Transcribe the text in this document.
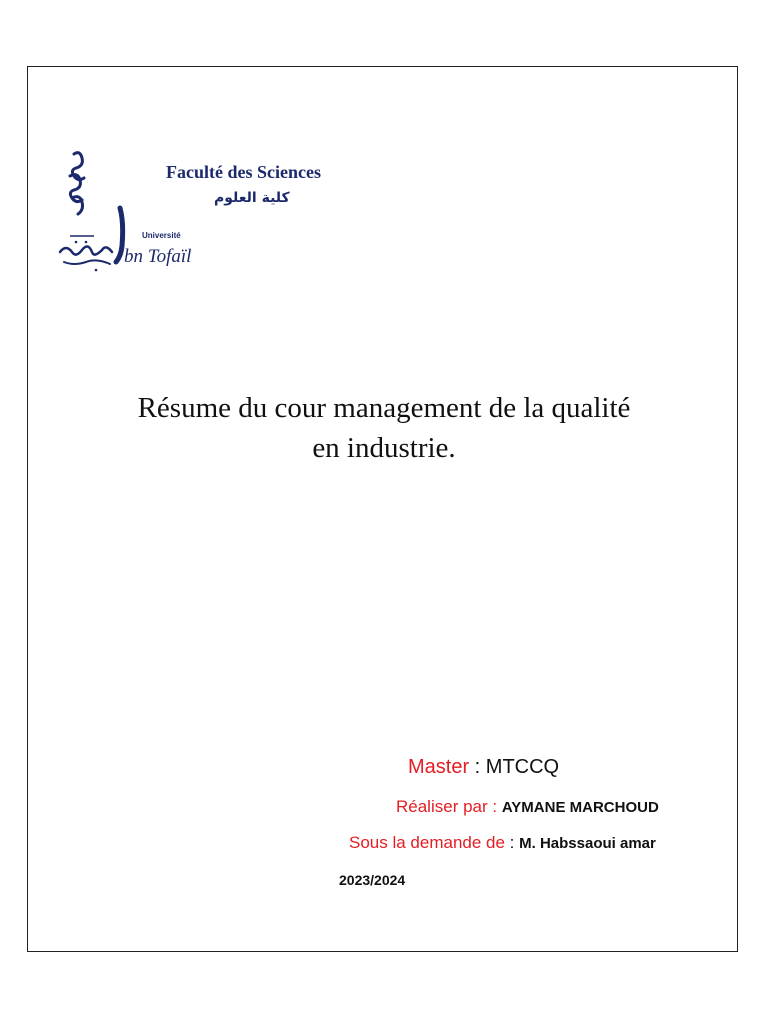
Université
bn Tofaïl
Faculté des Sciences
كلية العلوم
Résume du cour management de la qualité
en industrie.
Master : MTCCQ
Réaliser par : AYMANE MARCHOUD
Sous la demande de : M. Habssaoui amar
2023/2024
